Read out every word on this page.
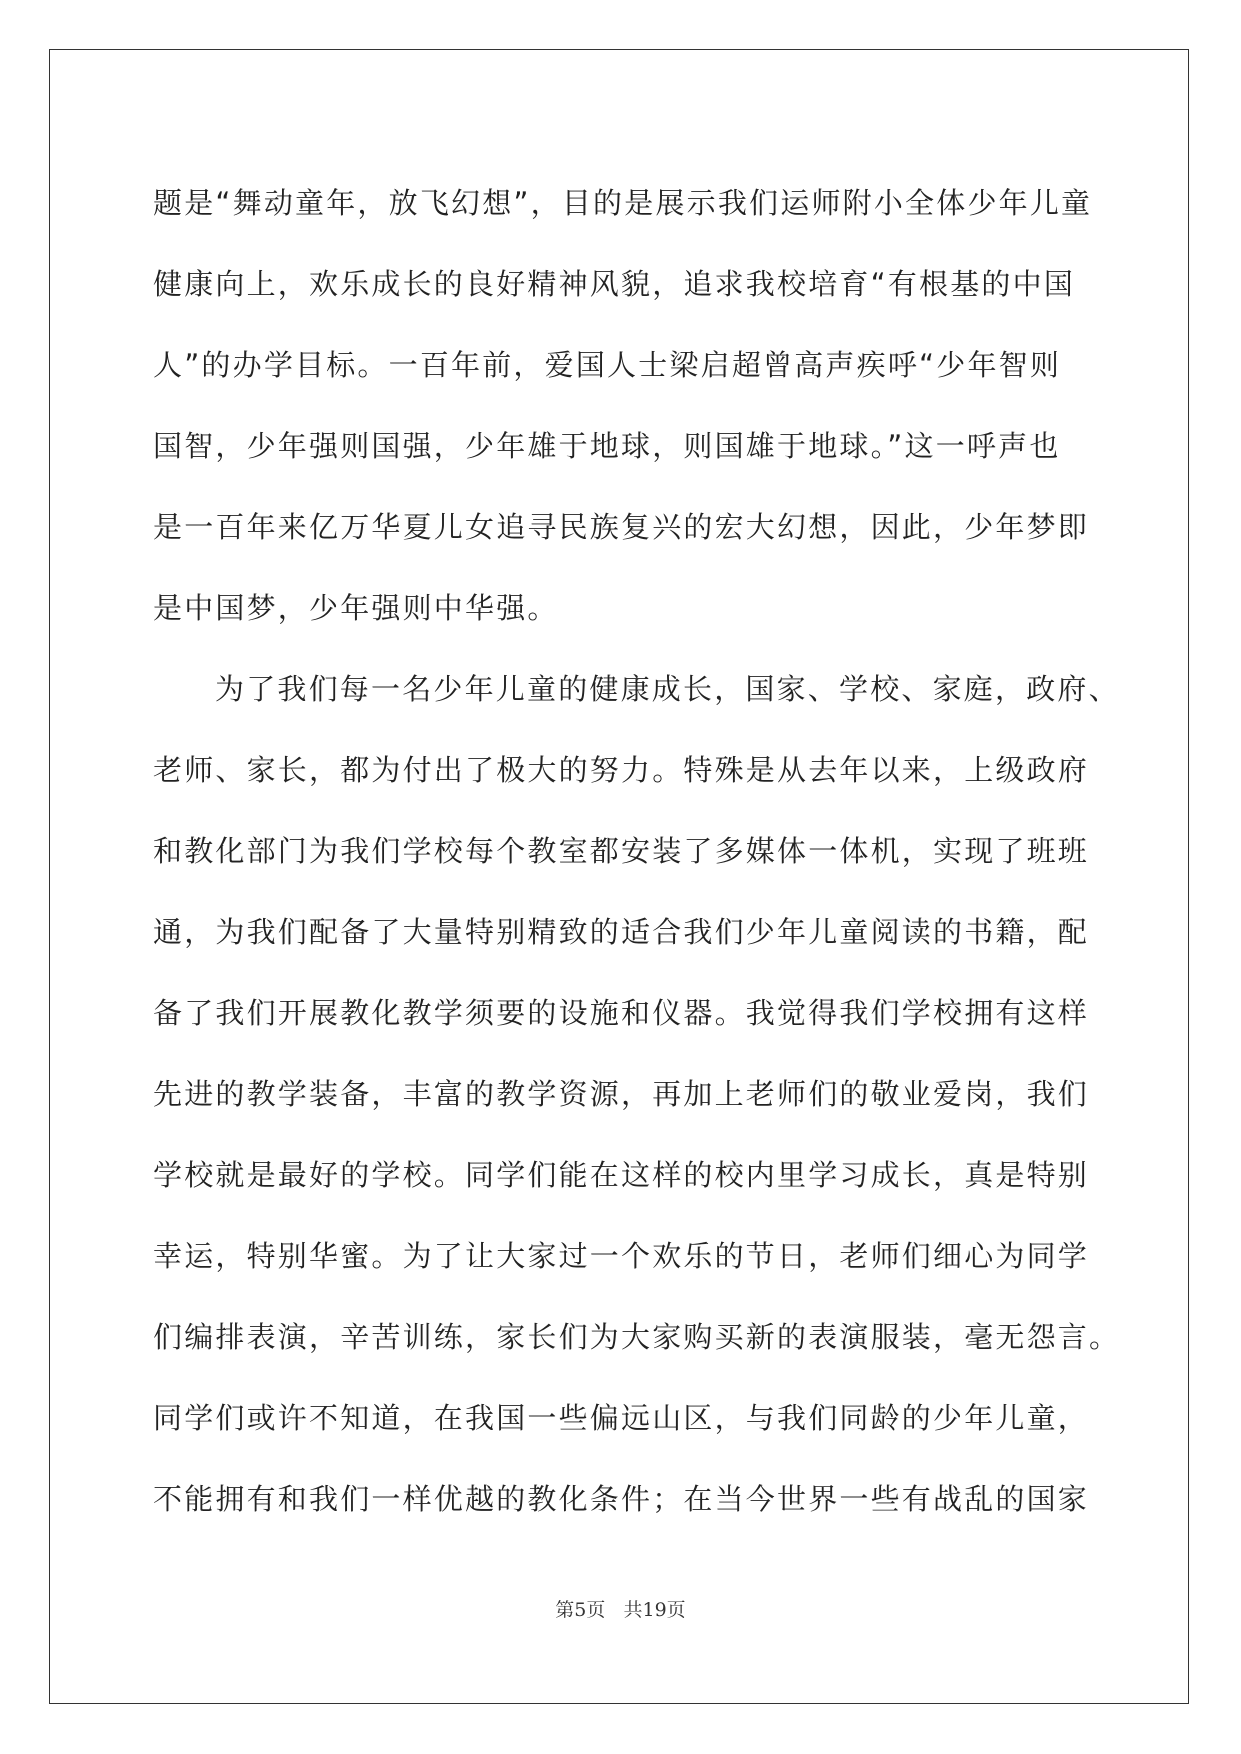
题是“舞动童年，放飞幻想”，目的是展示我们运师附小全体少年儿童
健康向上，欢乐成长的良好精神风貌，追求我校培育“有根基的中国
人”的办学目标。一百年前，爱国人士梁启超曾高声疾呼“少年智则
国智，少年强则国强，少年雄于地球，则国雄于地球。”这一呼声也
是一百年来亿万华夏儿女追寻民族复兴的宏大幻想，因此，少年梦即
是中国梦，少年强则中华强。
为了我们每一名少年儿童的健康成长，国家、学校、家庭，政府、
老师、家长，都为付出了极大的努力。特殊是从去年以来，上级政府
和教化部门为我们学校每个教室都安装了多媒体一体机，实现了班班
通，为我们配备了大量特别精致的适合我们少年儿童阅读的书籍，配
备了我们开展教化教学须要的设施和仪器。我觉得我们学校拥有这样
先进的教学装备，丰富的教学资源，再加上老师们的敬业爱岗，我们
学校就是最好的学校。同学们能在这样的校内里学习成长，真是特别
幸运，特别华蜜。为了让大家过一个欢乐的节日，老师们细心为同学
们编排表演，辛苦训练，家长们为大家购买新的表演服装，毫无怨言。
同学们或许不知道，在我国一些偏远山区，与我们同龄的少年儿童，
不能拥有和我们一样优越的教化条件；在当今世界一些有战乱的国家
第5页   共19页
